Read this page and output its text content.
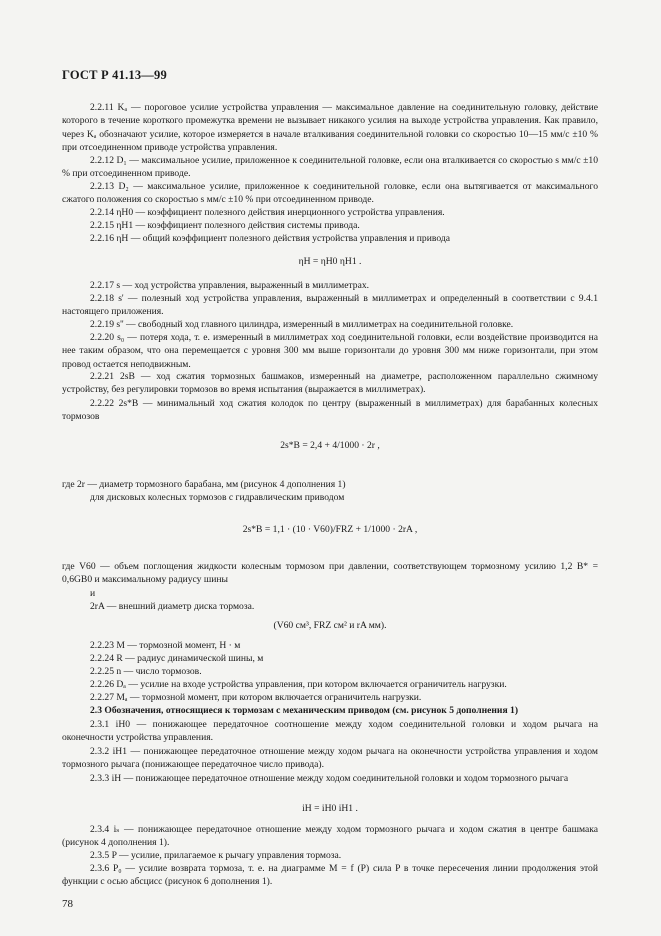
ГОСТ Р 41.13—99
2.2.11 Kₐ — пороговое усилие устройства управления — максимальное давление на соединительную головку, действие которого в течение короткого промежутка времени не вызывает никакого усилия на выходе устройства управления. Как правило, через Kₐ обозначают усилие, которое измеряется в начале вталкивания соединительной головки со скоростью 10—15 мм/с ±10 % при отсоединенном приводе устройства управления.
2.2.12 D₁ — максимальное усилие, приложенное к соединительной головке, если она вталкивается со скоростью s мм/с ±10 % при отсоединенном приводе.
2.2.13 D₂ — максимальное усилие, приложенное к соединительной головке, если она вытягивается от максимального сжатого положения со скоростью s мм/с ±10 % при отсоединенном приводе.
2.2.14 ηH0 — коэффициент полезного действия инерционного устройства управления.
2.2.15 ηH1 — коэффициент полезного действия системы привода.
2.2.16 ηH — общий коэффициент полезного действия устройства управления и привода
ηH = ηH0 ηH1 .
2.2.17 s — ход устройства управления, выраженный в миллиметрах.
2.2.18 s' — полезный ход устройства управления, выраженный в миллиметрах и определенный в соответствии с 9.4.1 настоящего приложения.
2.2.19 s'' — свободный ход главного цилиндра, измеренный в миллиметрах на соединительной головке.
2.2.20 s₀ — потеря хода, т. е. измеренный в миллиметрах ход соединительной головки, если воздействие производится на нее таким образом, что она перемещается с уровня 300 мм выше горизонтали до уровня 300 мм ниже горизонтали, при этом провод остается неподвижным.
2.2.21 2sB — ход сжатия тормозных башмаков, измеренный на диаметре, расположенном параллельно сжимному устройству, без регулировки тормозов во время испытания (выражается в миллиметрах).
2.2.22 2s*B — минимальный ход сжатия колодок по центру (выраженный в миллиметрах) для барабанных колесных тормозов
2s*B = 2,4 + 4/1000 · 2r ,
где 2r — диаметр тормозного барабана, мм (рисунок 4 дополнения 1)
для дисковых колесных тормозов с гидравлическим приводом
2s*B = 1,1 · (10 · V60)/FRZ + 1/1000 · 2rA ,
где V60 — объем поглощения жидкости колесным тормозом при давлении, соответствующем тормозному усилию 1,2 B* = 0,6GB0 и максимальному радиусу шины
и
2rA — внешний диаметр диска тормоза.
(V60 см³, FRZ см² и rA мм).
2.2.23 M — тормозной момент, Н · м
2.2.24 R — радиус динамической шины, м
2.2.25 n — число тормозов.
2.2.26 Dₐ — усилие на входе устройства управления, при котором включается ограничитель нагрузки.
2.2.27 Mₐ — тормозной момент, при котором включается ограничитель нагрузки.
2.3 Обозначения, относящиеся к тормозам с механическим приводом (см. рисунок 5 дополнения 1)
2.3.1 iH0 — понижающее передаточное соотношение между ходом соединительной головки и ходом рычага на оконечности устройства управления.
2.3.2 iH1 — понижающее передаточное отношение между ходом рычага на оконечности устройства управления и ходом тормозного рычага (понижающее передаточное число привода).
2.3.3 iH — понижающее передаточное отношение между ходом соединительной головки и ходом тормозного рычага
iH = iH0 iH1 .
2.3.4 iₛ — понижающее передаточное отношение между ходом тормозного рычага и ходом сжатия в центре башмака (рисунок 4 дополнения 1).
2.3.5 P — усилие, прилагаемое к рычагу управления тормоза.
2.3.6 P₀ — усилие возврата тормоза, т. е. на диаграмме M = f (P) сила P в точке пересечения линии продолжения этой функции с осью абсцисс (рисунок 6 дополнения 1).
78
